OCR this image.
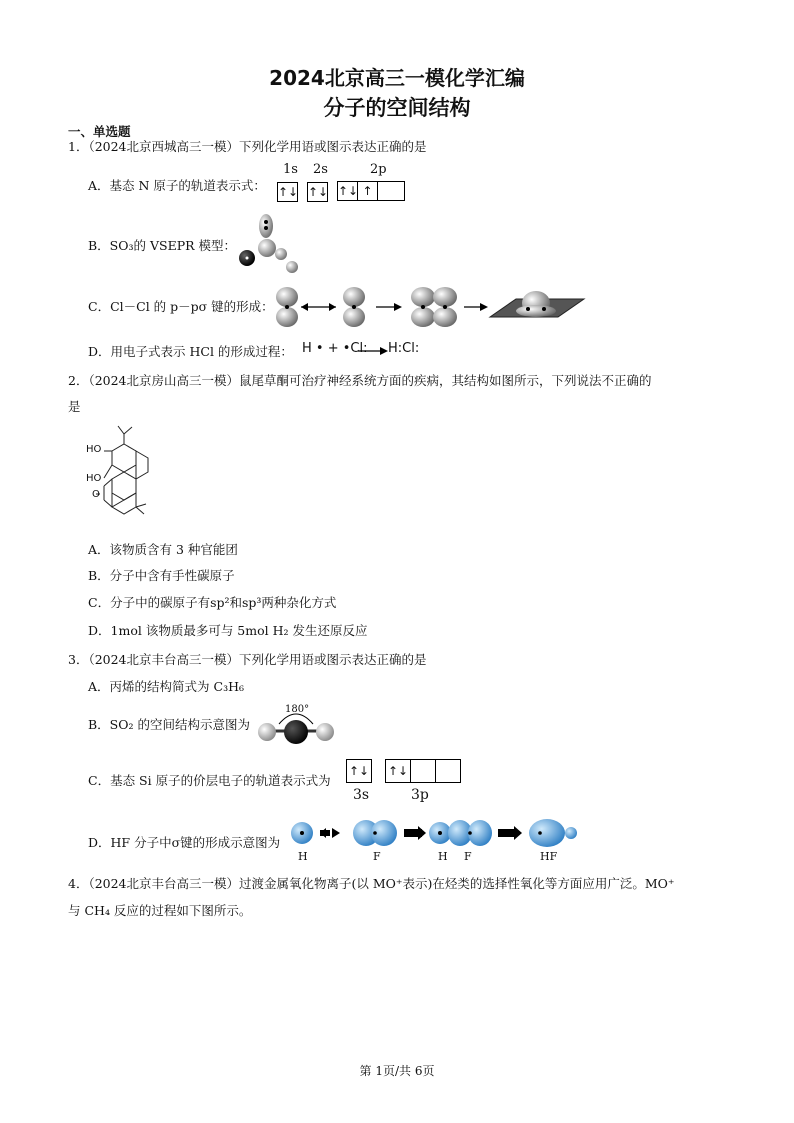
2024北京高三一模化学汇编
分子的空间结构
一、单选题
1．（2024北京西城高三一模）下列化学用语或图示表达正确的是
A．基态 N 原子的轨道表示式：
1s 2s	2p
↑↓ ↑↓ ↑↓ ↑
B．SO₃的 VSEPR 模型：
C．Cl－Cl 的 p－pσ 键的形成：
D．用电子式表示 HCl 的形成过程： H • + •Cl: H:Cl:
2．（2024北京房山高三一模）鼠尾草酮可治疗神经系统方面的疾病，其结构如图所示，下列说法不正确的
是
HO
HO
O
A．该物质含有 3 种官能团
B．分子中含有手性碳原子
C．分子中的碳原子有sp²和sp³两种杂化方式
D．1mol 该物质最多可与 5mol H₂ 发生还原反应
3．（2024北京丰台高三一模）下列化学用语或图示表达正确的是
A．丙烯的结构简式为 C₃H₆
B．SO₂ 的空间结构示意图为
180°
C．基态 Si 原子的价层电子的轨道表示式为
↑↓ ↑↓
3s	3p
D．HF 分子中σ键的形成示意图为
H	F	H F	HF
4．（2024北京丰台高三一模）过渡金属氧化物离子(以 MO⁺表示)在烃类的选择性氧化等方面应用广泛。MO⁺
与 CH₄ 反应的过程如下图所示。
第 1页/共 6页
